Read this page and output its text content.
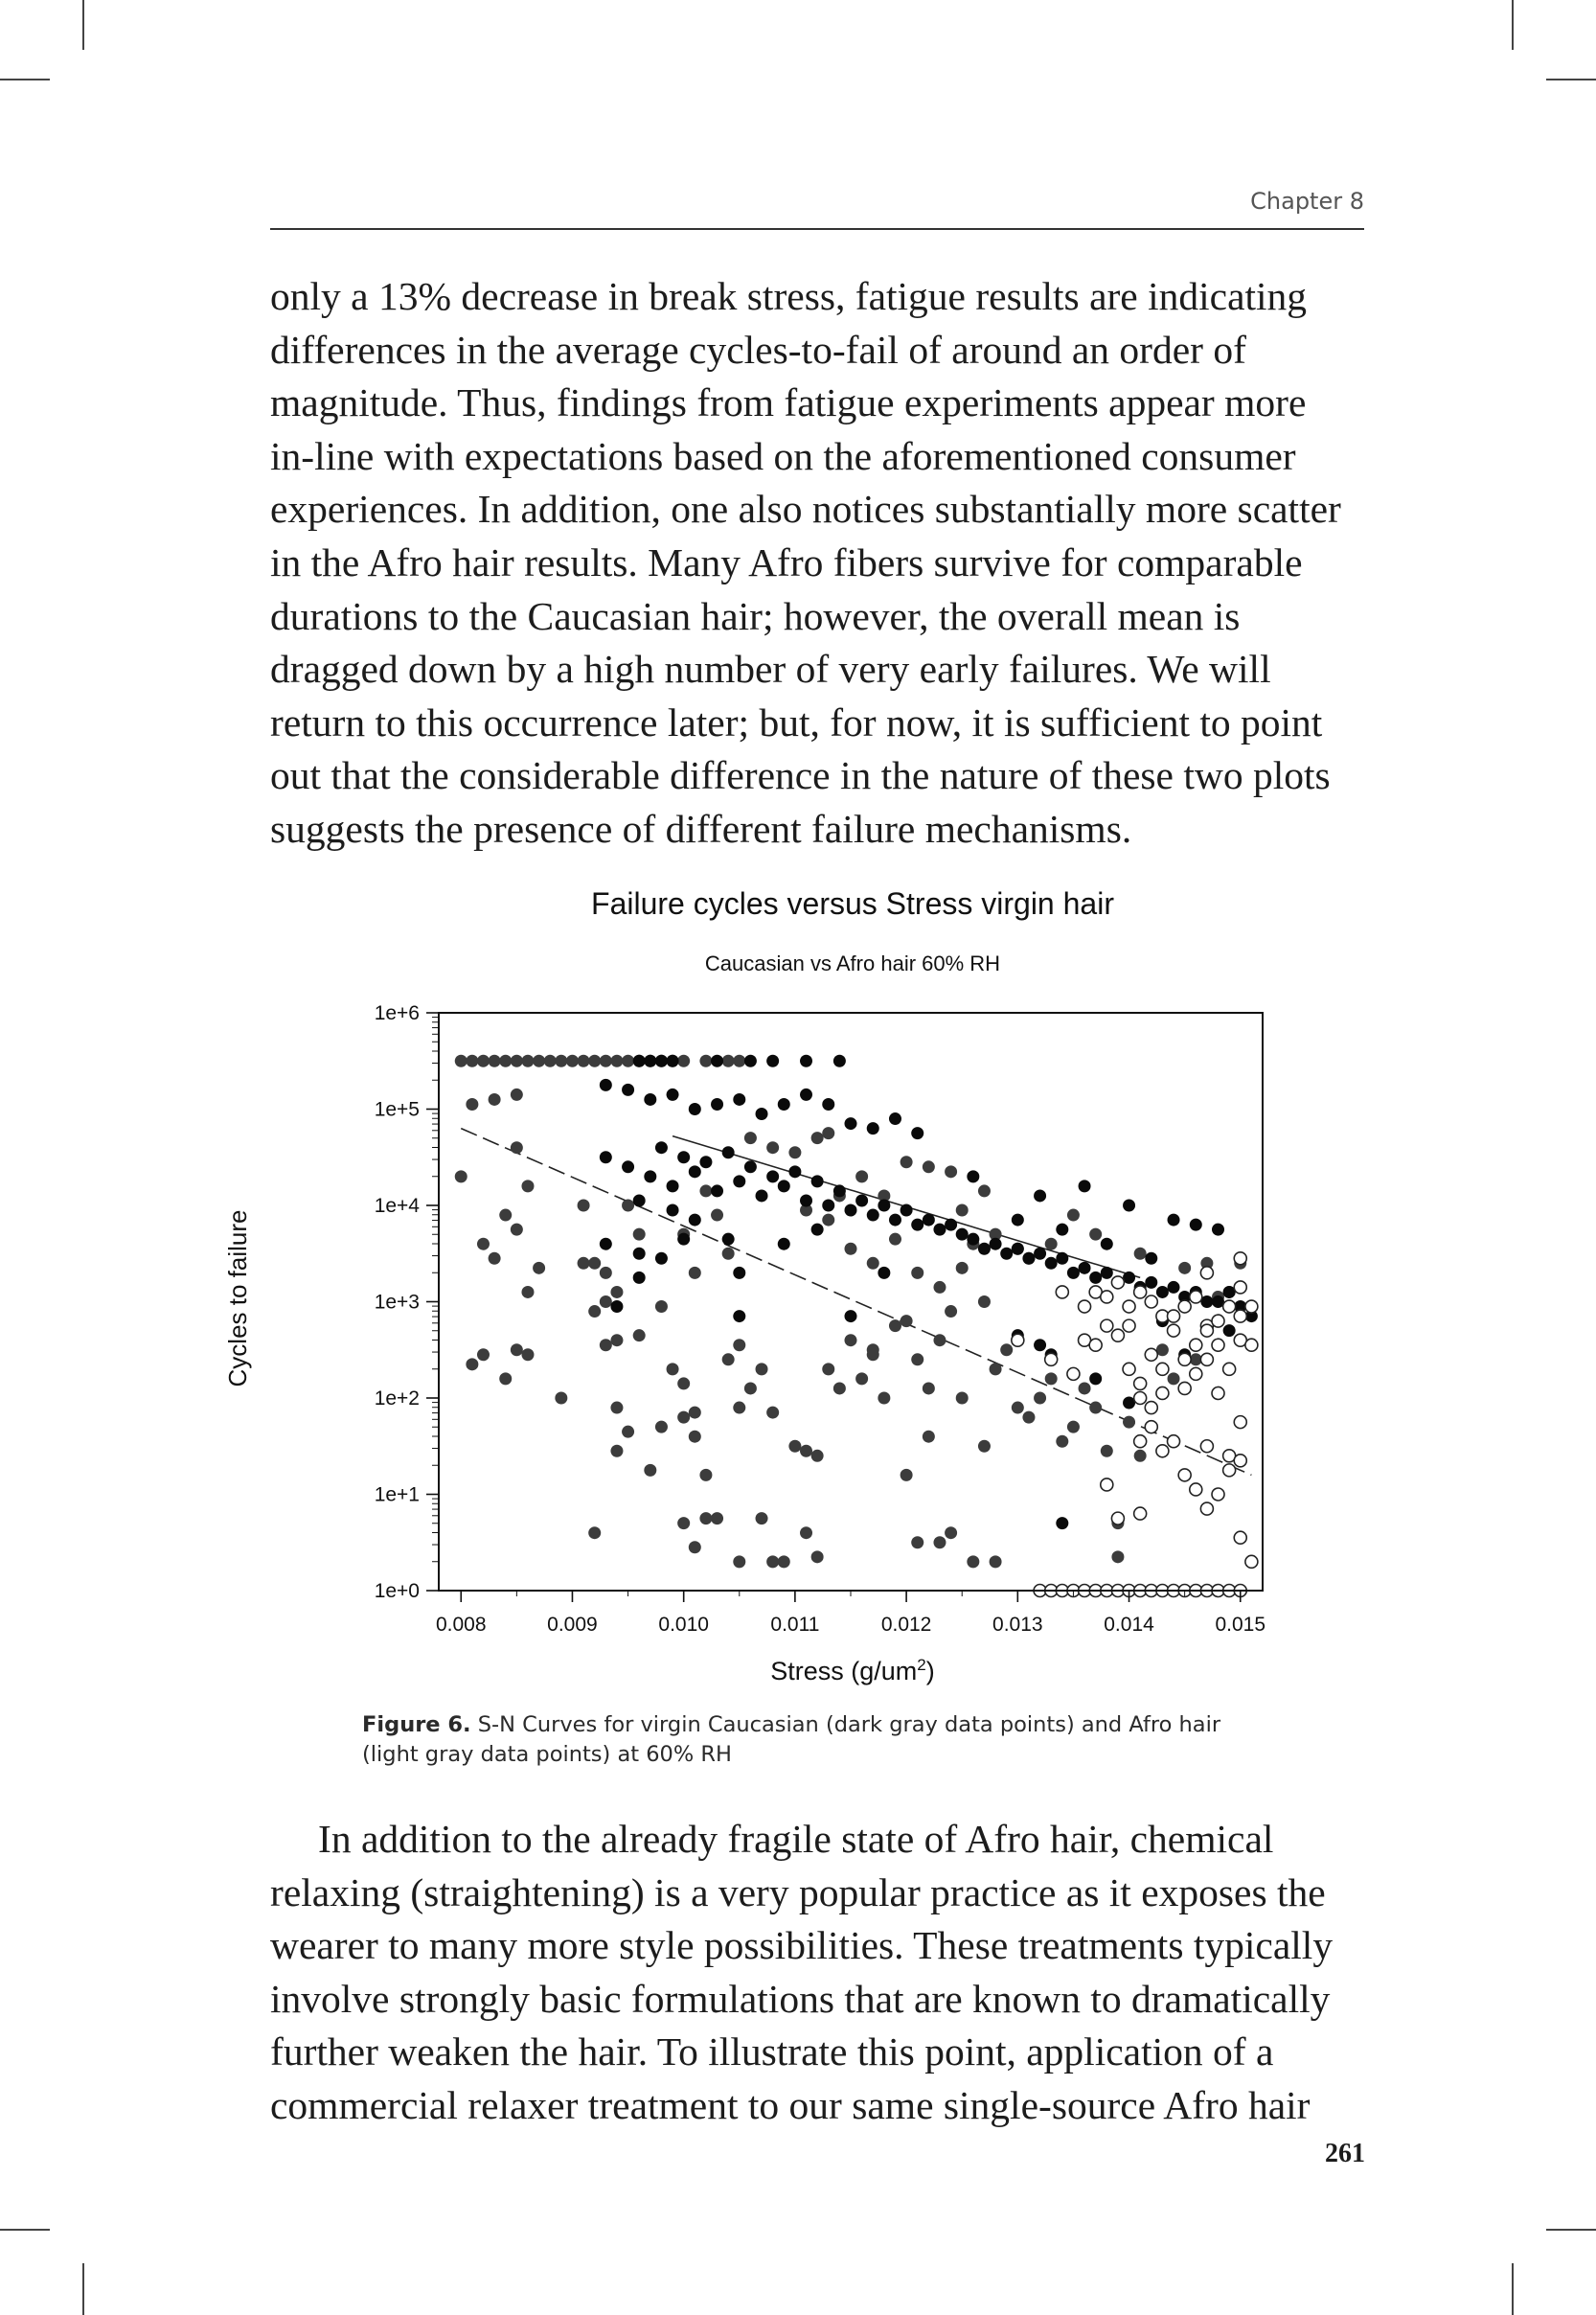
Chapter 8
only a 13% decrease in break stress, fatigue results are indicating
differences in the average cycles-to-fail of around an order of
magnitude. Thus, findings from fatigue experiments appear more
in-line with expectations based on the aforementioned consumer
experiences. In addition, one also notices substantially more scatter
in the Afro hair results. Many Afro fibers survive for comparable
durations to the Caucasian hair; however, the overall mean is
dragged down by a high number of very early failures. We will
return to this occurrence later; but, for now, it is sufficient to point
out that the considerable difference in the nature of these two plots
suggests the presence of different failure mechanisms.
Failure cycles versus Stress virgin hair
Caucasian vs Afro hair 60% RH
Cycles to failure
Stress $(g/um^2)$
1e+0
1e+1
1e+2
1e+3
1e+4
1e+5
1e+6
0.008	0.009	0.010	0.011	0.012	0.013	0.014	0.015
Figure 6. S-N Curves for virgin Caucasian (dark gray data points) and Afro hair
(light gray data points) at 60% RH
In addition to the already fragile state of Afro hair, chemical
relaxing (straightening) is a very popular practice as it exposes the
wearer to many more style possibilities. These treatments typically
involve strongly basic formulations that are known to dramatically
further weaken the hair. To illustrate this point, application of a
commercial relaxer treatment to our same single-source Afro hair
261
